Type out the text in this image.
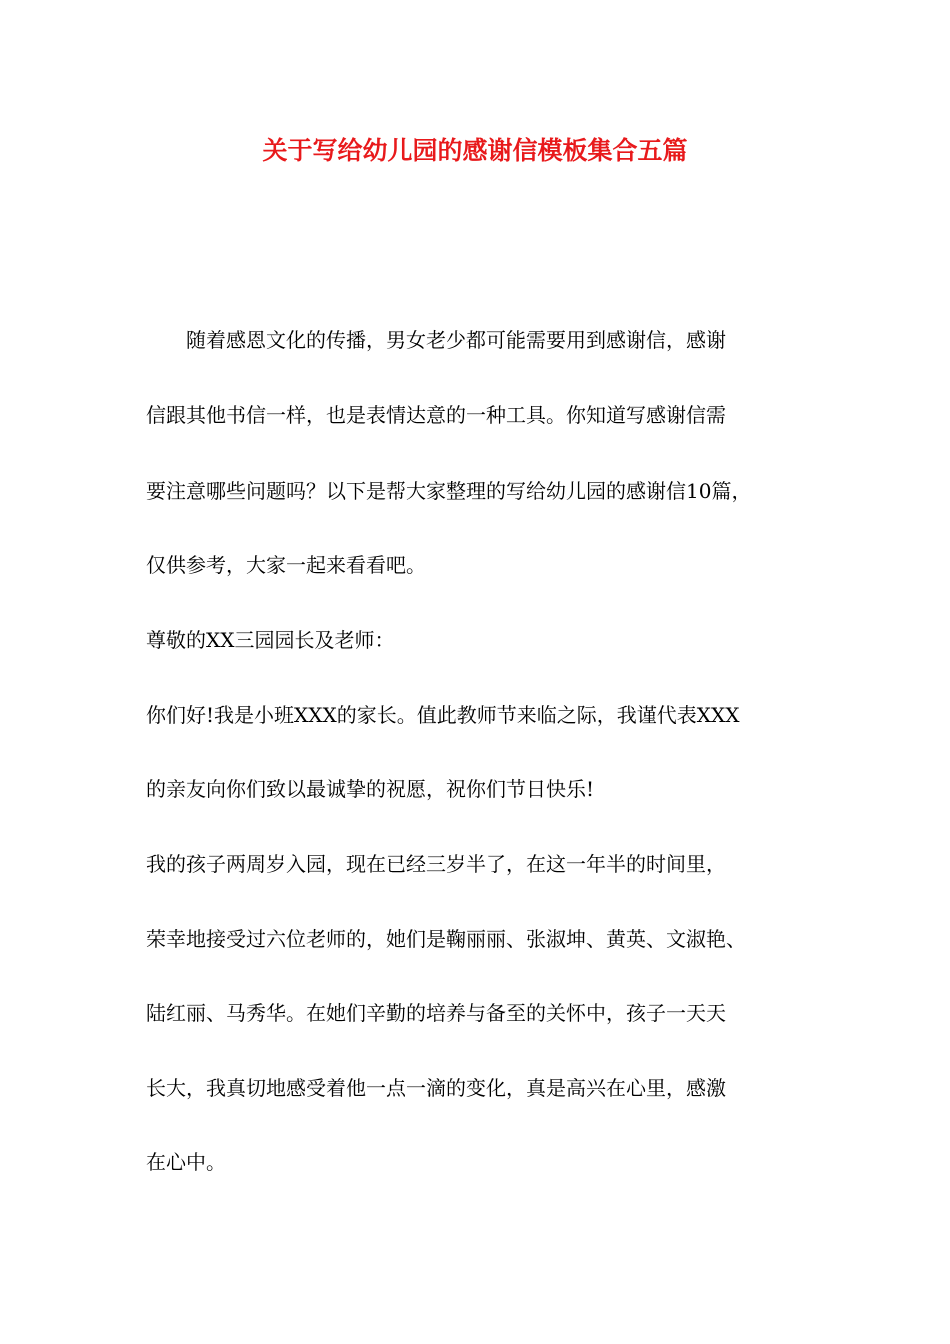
关于写给幼儿园的感谢信模板集合五篇
　　随着感恩文化的传播，男女老少都可能需要用到感谢信，感谢
信跟其他书信一样，也是表情达意的一种工具。你知道写感谢信需
要注意哪些问题吗？以下是帮大家整理的写给幼儿园的感谢信10篇，
仅供参考，大家一起来看看吧。
尊敬的XX三园园长及老师：
你们好!我是小班XXX的家长。值此教师节来临之际，我谨代表XXX
的亲友向你们致以最诚挚的祝愿，祝你们节日快乐!
我的孩子两周岁入园，现在已经三岁半了，在这一年半的时间里，
荣幸地接受过六位老师的，她们是鞠丽丽、张淑坤、黄英、文淑艳、
陆红丽、马秀华。在她们辛勤的培养与备至的关怀中，孩子一天天
长大，我真切地感受着他一点一滴的变化，真是高兴在心里，感激
在心中。
